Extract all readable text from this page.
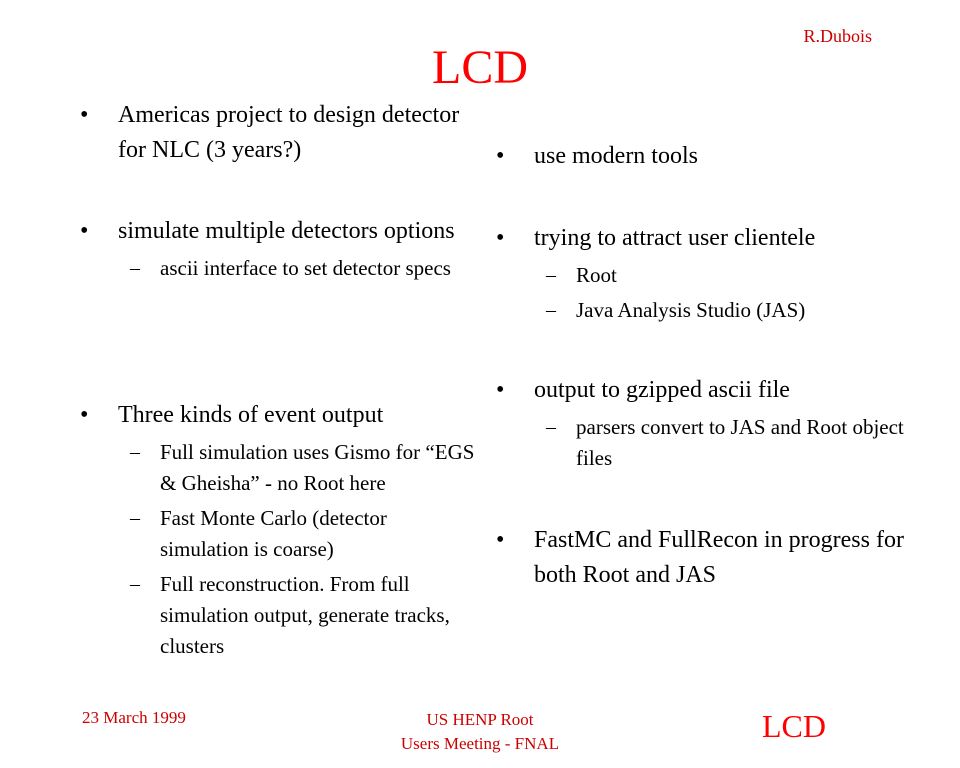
R.Dubois
LCD
• Americas project to design detector for NLC (3 years?)
• simulate multiple detectors options
– ascii interface to set detector specs
• Three kinds of event output
– Full simulation uses Gismo for “EGS & Gheisha” - no Root here
– Fast Monte Carlo (detector simulation is coarse)
– Full reconstruction. From full simulation output, generate tracks, clusters
• use modern tools
• trying to attract user clientele
– Root
– Java Analysis Studio (JAS)
• output to gzipped ascii file
– parsers convert to JAS and Root object files
• FastMC and FullRecon in progress for both Root and JAS
23 March 1999	US HENP Root
Users Meeting - FNAL	LCD
